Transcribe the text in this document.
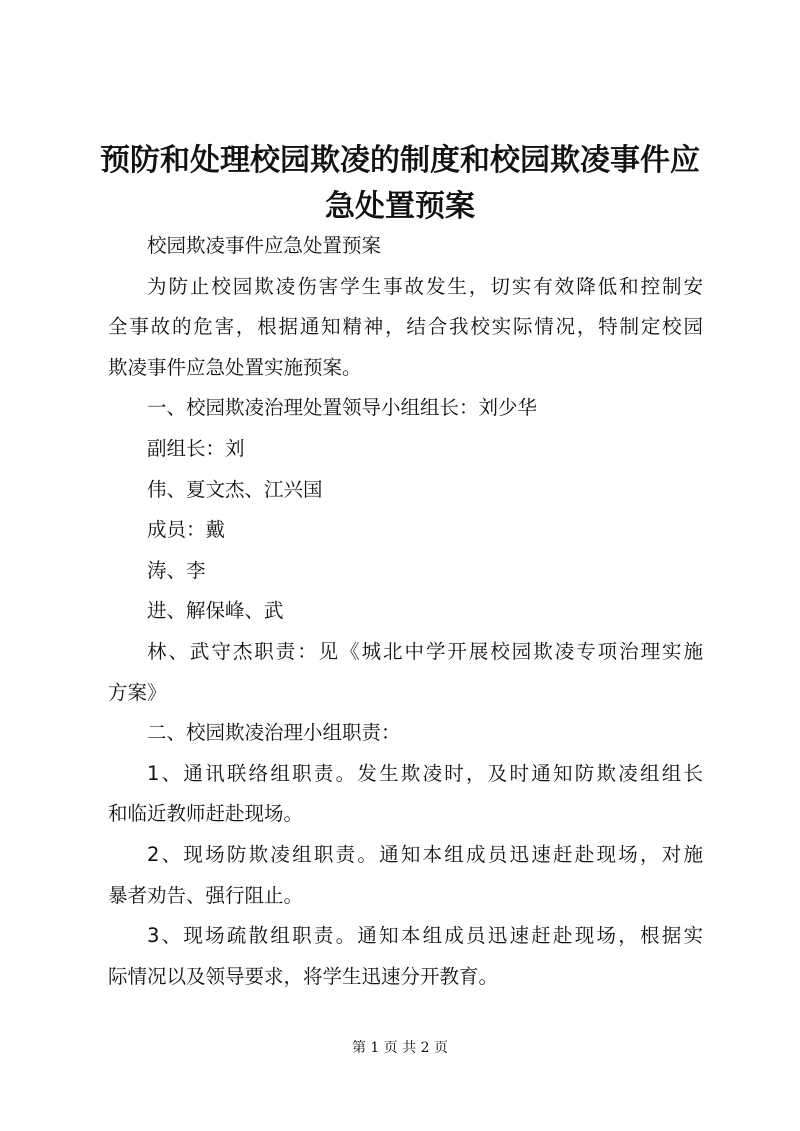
预防和处理校园欺凌的制度和校园欺凌事件应
急处置预案
校园欺凌事件应急处置预案
为防止校园欺凌伤害学生事故发生，切实有效降低和控制安
全事故的危害，根据通知精神，结合我校实际情况，特制定校园
欺凌事件应急处置实施预案。
一、校园欺凌治理处置领导小组组长：刘少华
副组长：刘
伟、夏文杰、江兴国
成员：戴
涛、李
进、解保峰、武
林、武守杰职责：见《城北中学开展校园欺凌专项治理实施
方案》
二、校园欺凌治理小组职责：
1、通讯联络组职责。发生欺凌时，及时通知防欺凌组组长
和临近教师赶赴现场。
2、现场防欺凌组职责。通知本组成员迅速赶赴现场，对施
暴者劝告、强行阻止。
3、现场疏散组职责。通知本组成员迅速赶赴现场，根据实
际情况以及领导要求，将学生迅速分开教育。
第 1 页 共 2 页
